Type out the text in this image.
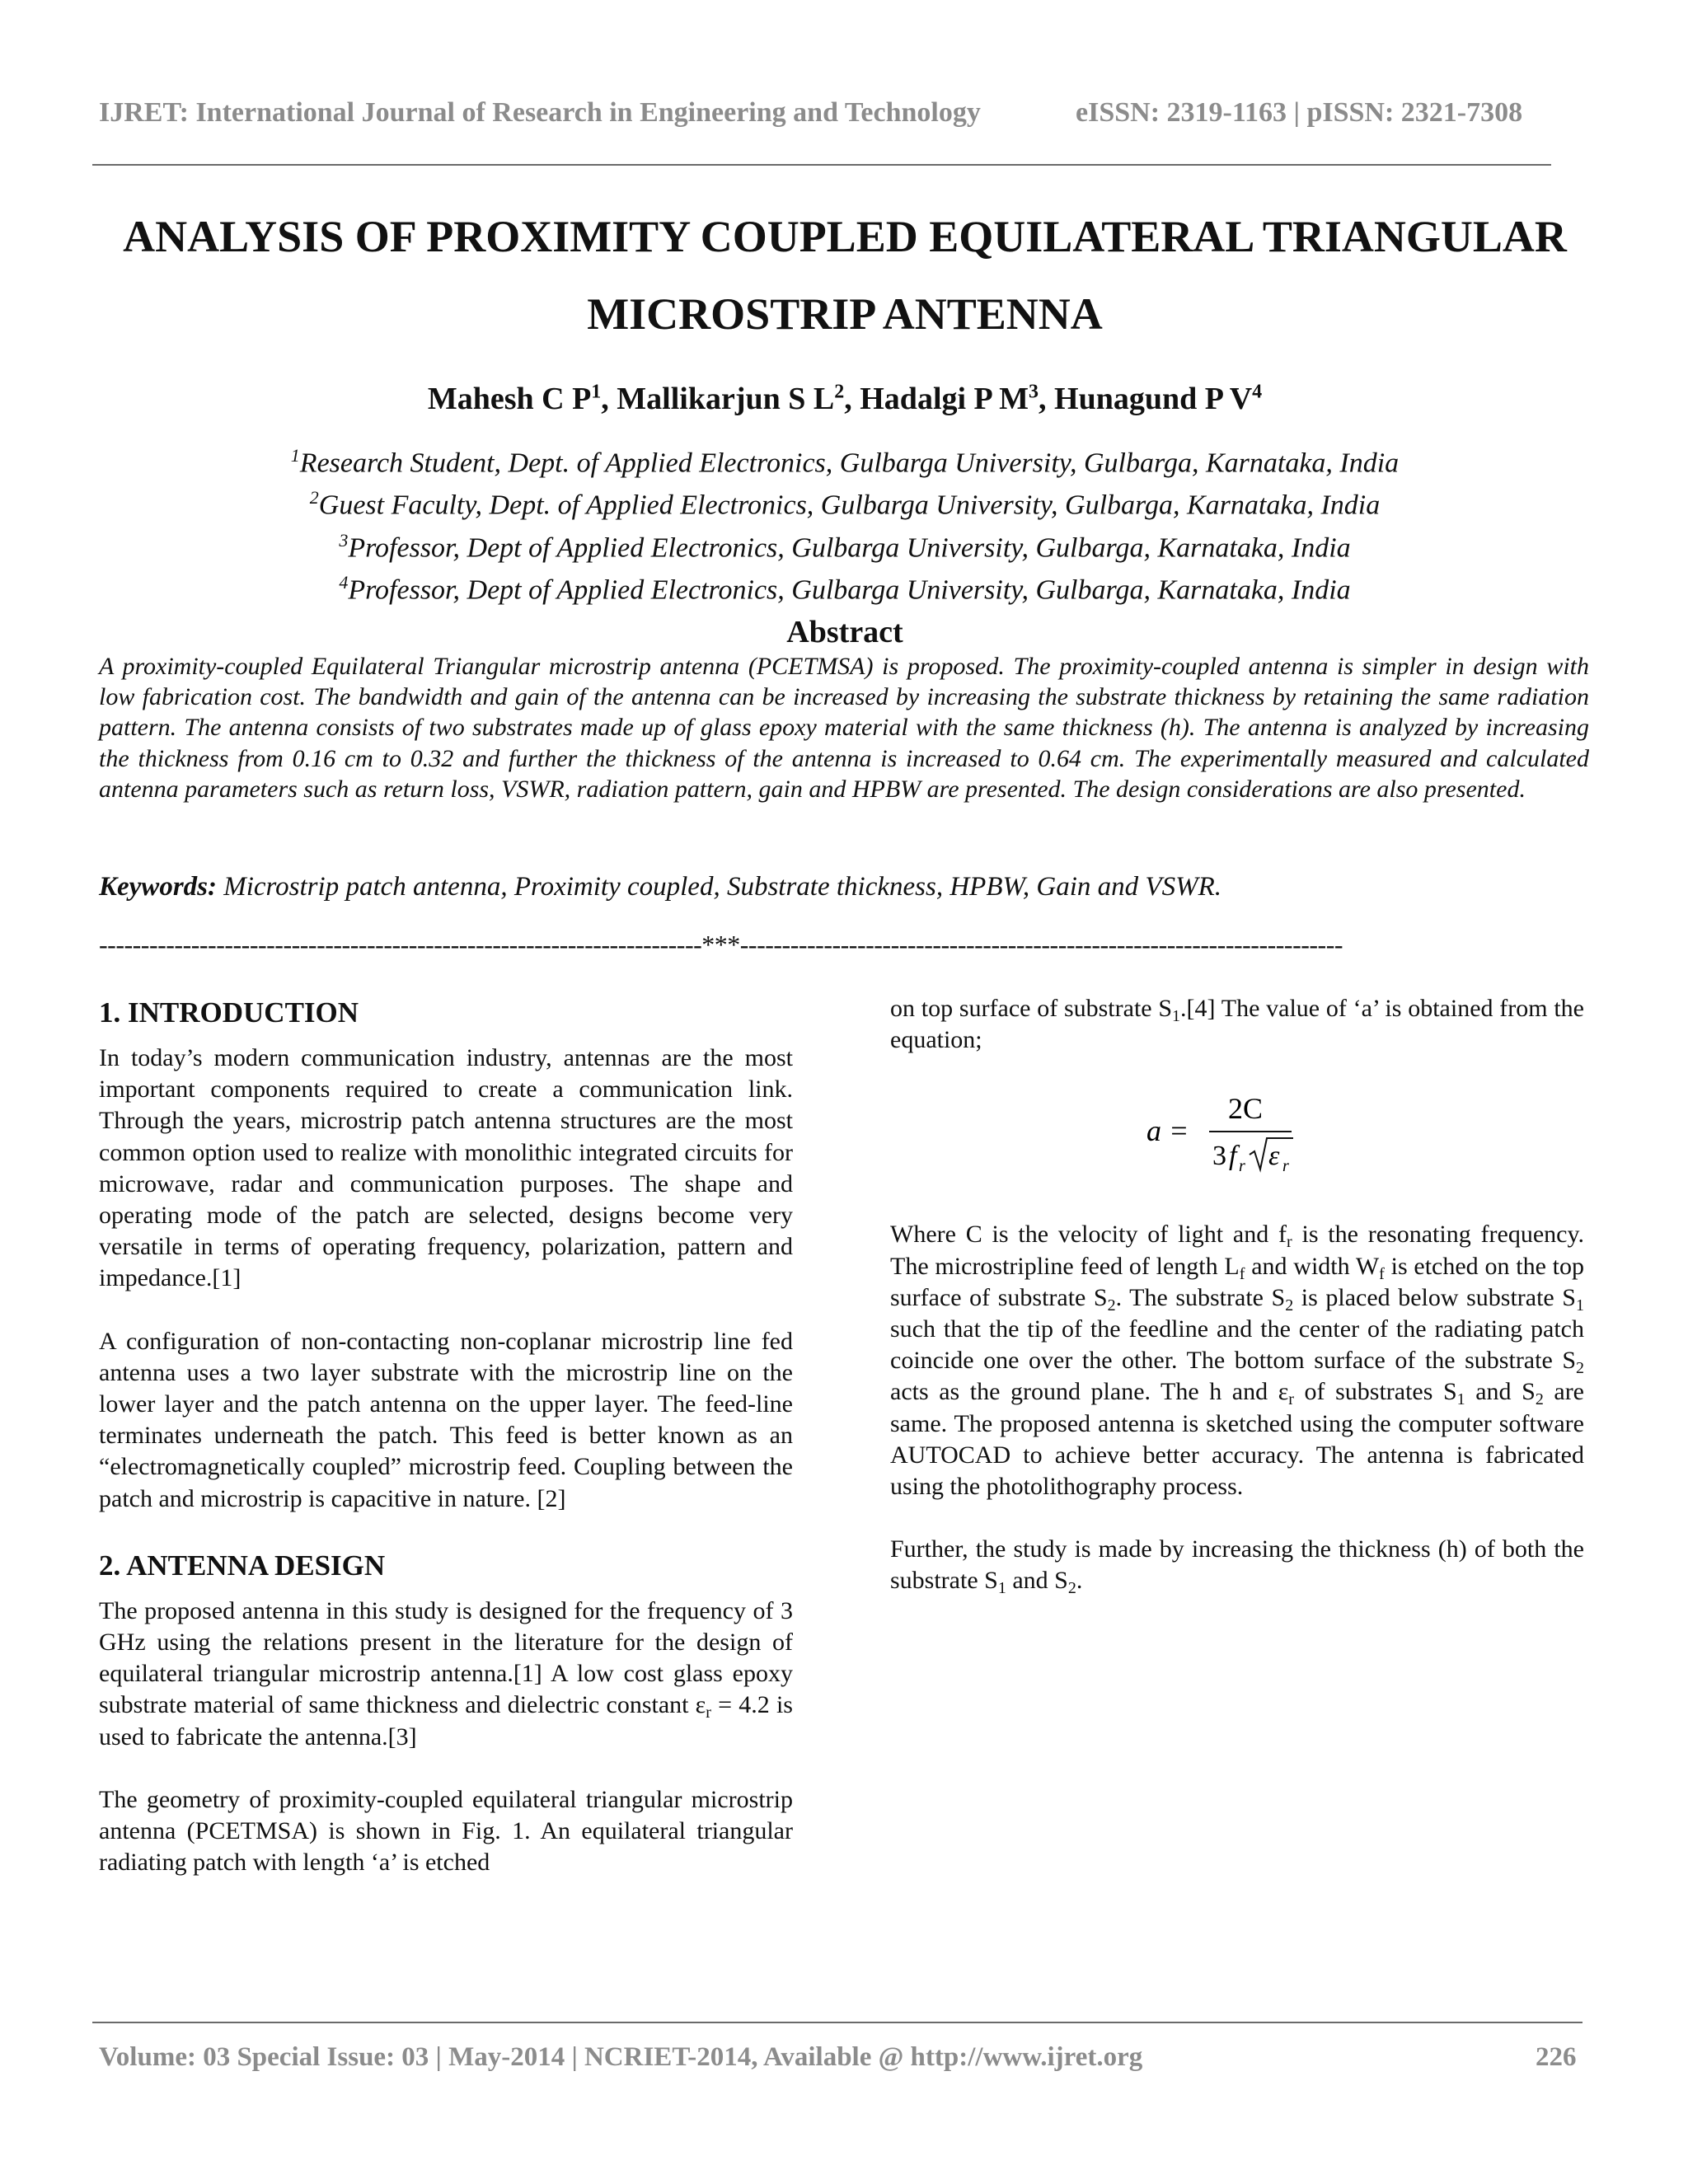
IJRET: International Journal of Research in Engineering and Technology	eISSN: 2319-1163 | pISSN: 2321-7308
ANALYSIS OF PROXIMITY COUPLED EQUILATERAL TRIANGULAR
MICROSTRIP ANTENNA
Mahesh C $P^1$, Mallikarjun S $L^2$, Hadalgi P $M^3$, Hunagund P $V^4$
$^1$Research Student, Dept. of Applied Electronics, Gulbarga University, Gulbarga, Karnataka, India
$^2$Guest Faculty, Dept. of Applied Electronics, Gulbarga University, Gulbarga, Karnataka, India
$^3$Professor, Dept of Applied Electronics, Gulbarga University, Gulbarga, Karnataka, India
$^4$Professor, Dept of Applied Electronics, Gulbarga University, Gulbarga, Karnataka, India
Abstract
A proximity-coupled Equilateral Triangular microstrip antenna (PCETMSA) is proposed. The proximity-coupled antenna is simpler in design with low fabrication cost. The bandwidth and gain of the antenna can be increased by increasing the substrate thickness by retaining the same radiation pattern. The antenna consists of two substrates made up of glass epoxy material with the same thickness (h). The antenna is analyzed by increasing the thickness from 0.16 cm to 0.32 and further the thickness of the antenna is increased to 0.64 cm. The experimentally measured and calculated antenna parameters such as return loss, VSWR, radiation pattern, gain and HPBW are presented. The design considerations are also presented.
Keywords: Microstrip patch antenna, Proximity coupled, Substrate thickness, HPBW, Gain and VSWR.
------------------------------------------------------------------------***------------------------------------------------------------------------
1. INTRODUCTION
In today’s modern communication industry, antennas are the most important components required to create a communication link. Through the years, microstrip patch antenna structures are the most common option used to realize with monolithic integrated circuits for microwave, radar and communication purposes. The shape and operating mode of the patch are selected, designs become very versatile in terms of operating frequency, polarization, pattern and impedance.[1]
A configuration of non-contacting non-coplanar microstrip line fed antenna uses a two layer substrate with the microstrip line on the lower layer and the patch antenna on the upper layer. The feed-line terminates underneath the patch. This feed is better known as an “electromagnetically coupled” microstrip feed. Coupling between the patch and microstrip is capacitive in nature. [2]
2. ANTENNA DESIGN
The proposed antenna in this study is designed for the frequency of 3 GHz using the relations present in the literature for the design of equilateral triangular microstrip antenna.[1] A low cost glass epoxy substrate material of same thickness and dielectric constant $\varepsilon_r = 4.2$ is used to fabricate the antenna.[3]
The geometry of proximity-coupled equilateral triangular microstrip antenna (PCETMSA) is shown in Fig. 1. An equilateral triangular radiating patch with length ‘a’ is etched
on top surface of substrate $S_1.[4]$ The value of ‘a’ is obtained from the equation;
a =
2C
3 f r ε r
Where C is the velocity of light and $f_r$ is the resonating frequency. The microstripline feed of length $L_f$ and width $W_f$ is etched on the top surface of substrate $S_2$. The substrate $S_2$ is placed below substrate $S_1$ such that the tip of the feedline and the center of the radiating patch coincide one over the other. The bottom surface of the substrate $S_2$ acts as the ground plane. The h and $\varepsilon_r$ of substrates $S_1$ and $S_2$ are same. The proposed antenna is sketched using the computer software AUTOCAD to achieve better accuracy. The antenna is fabricated using the photolithography process.
Further, the study is made by increasing the thickness (h) of both the substrate $S_1$ and $S_2$.
Volume: 03 Special Issue: 03 | May-2014 | NCRIET-2014, Available @ http://www.ijret.org	226
